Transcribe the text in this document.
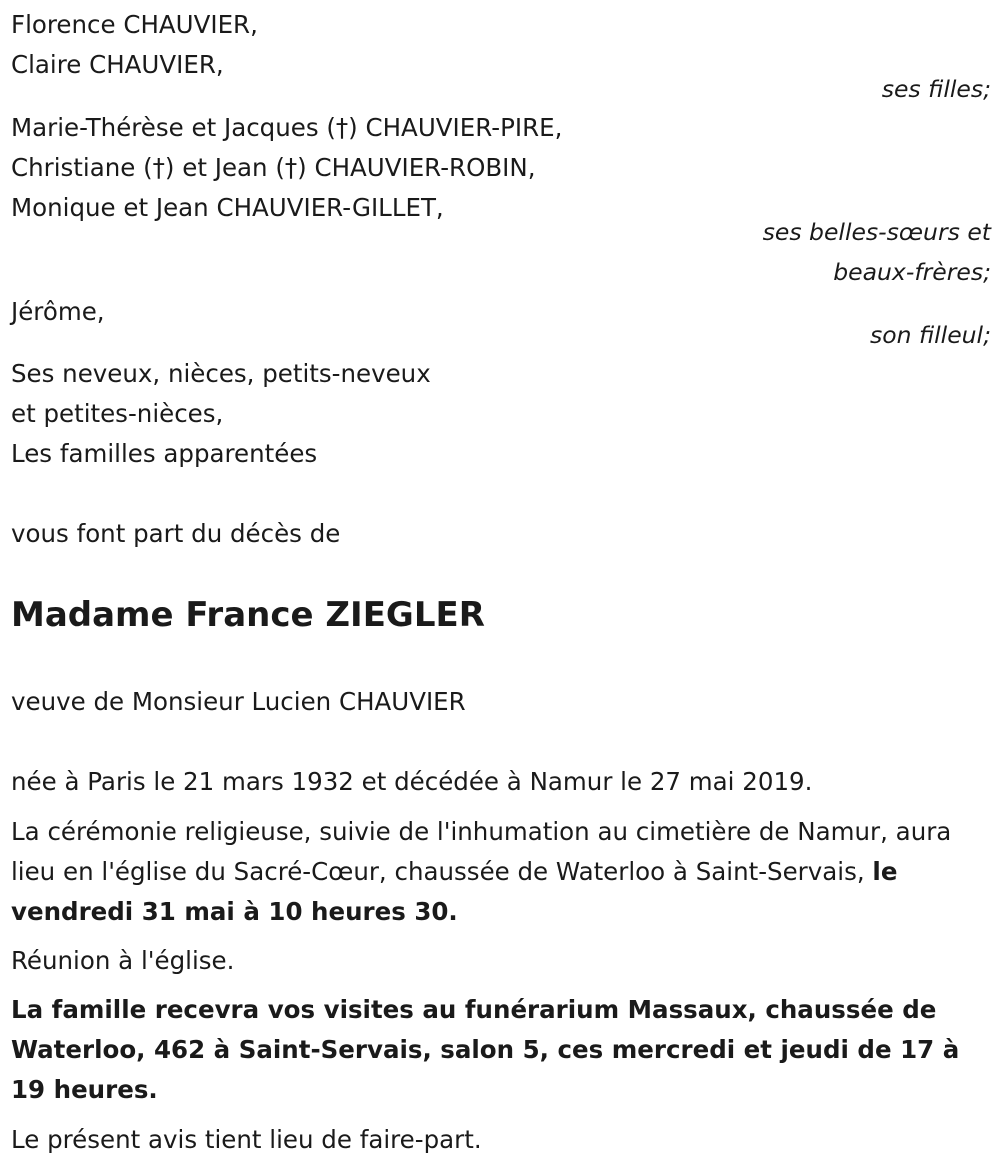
Florence CHAUVIER,
Claire CHAUVIER,
ses filles;
Marie-Thérèse et Jacques (†) CHAUVIER-PIRE,
Christiane (†) et Jean (†) CHAUVIER-ROBIN,
Monique et Jean CHAUVIER-GILLET,
ses belles-sœurs et
beaux-frères;
Jérôme,
son filleul;
Ses neveux, nièces, petits-neveux
et petites-nièces,
Les familles apparentées
vous font part du décès de
Madame France ZIEGLER
veuve de Monsieur Lucien CHAUVIER
née à Paris le 21 mars 1932 et décédée à Namur le 27 mai 2019.
La cérémonie religieuse, suivie de l'inhumation au cimetière de Namur, aura lieu en l'église du Sacré-Cœur, chaussée de Waterloo à Saint-Servais, le vendredi 31 mai à 10 heures 30.
Réunion à l'église.
La famille recevra vos visites au funérarium Massaux, chaussée de Waterloo, 462 à Saint-Servais, salon 5, ces mercredi et jeudi de 17 à 19 heures.
Le présent avis tient lieu de faire-part.
